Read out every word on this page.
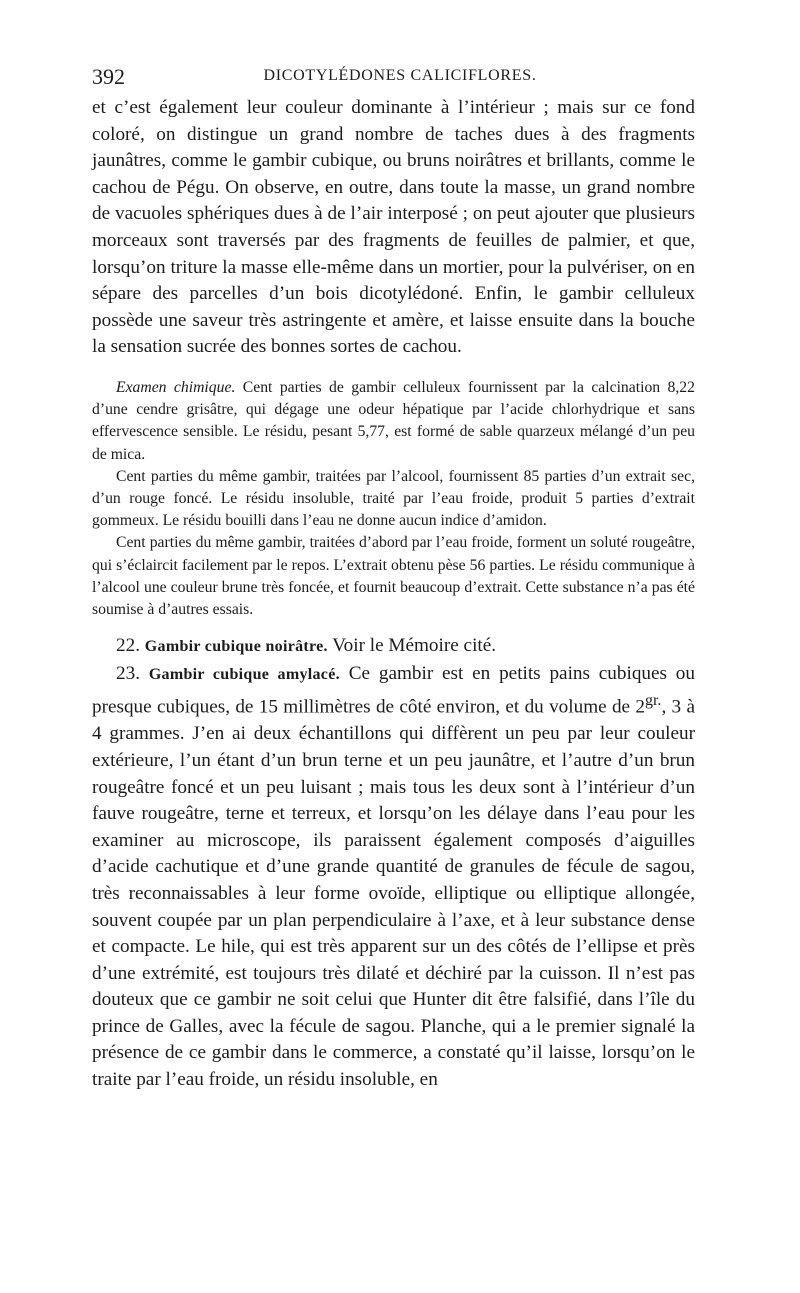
392	DICOTYLÉDONES CALICIFLORES.

et c’est également leur couleur dominante à l’intérieur ; mais sur ce fond coloré, on distingue un grand nombre de taches dues à des fragments jaunâtres, comme le gambir cubique, ou bruns noirâtres et brillants, comme le cachou de Pégu. On observe, en outre, dans toute la masse, un grand nombre de vacuoles sphériques dues à de l’air interposé ; on peut ajouter que plusieurs morceaux sont traversés par des fragments de feuilles de palmier, et que, lorsqu’on triture la masse elle-même dans un mortier, pour la pulvériser, on en sépare des parcelles d’un bois dicotylédoné. Enfin, le gambir celluleux possède une saveur très astringente et amère, et laisse ensuite dans la bouche la sensation sucrée des bonnes sortes de cachou.

Examen chimique. Cent parties de gambir celluleux fournissent par la calcination 8,22 d’une cendre grisâtre, qui dégage une odeur hépatique par l’acide chlorhydrique et sans effervescence sensible. Le résidu, pesant 5,77, est formé de sable quarzeux mélangé d’un peu de mica.

Cent parties du même gambir, traitées par l’alcool, fournissent 85 parties d’un extrait sec, d’un rouge foncé. Le résidu insoluble, traité par l’eau froide, produit 5 parties d’extrait gommeux. Le résidu bouilli dans l’eau ne donne aucun indice d’amidon.

Cent parties du même gambir, traitées d’abord par l’eau froide, forment un soluté rougeâtre, qui s’éclaircit facilement par le repos. L’extrait obtenu pèse 56 parties. Le résidu communique à l’alcool une couleur brune très foncée, et fournit beaucoup d’extrait. Cette substance n’a pas été soumise à d’autres essais.

22. Gambir cubique noirâtre. Voir le Mémoire cité.

23. Gambir cubique amylacé. Ce gambir est en petits pains cubiques ou presque cubiques, de 15 millimètres de côté environ, et du volume de $2^{gr.}$, 3 à 4 grammes. J’en ai deux échantillons qui diffèrent un peu par leur couleur extérieure, l’un étant d’un brun terne et un peu jaunâtre, et l’autre d’un brun rougeâtre foncé et un peu luisant ; mais tous les deux sont à l’intérieur d’un fauve rougeâtre, terne et terreux, et lorsqu’on les délaye dans l’eau pour les examiner au microscope, ils paraissent également composés d’aiguilles d’acide cachutique et d’une grande quantité de granules de fécule de sagou, très reconnaissables à leur forme ovoïde, elliptique ou elliptique allongée, souvent coupée par un plan perpendiculaire à l’axe, et à leur substance dense et compacte. Le hile, qui est très apparent sur un des côtés de l’ellipse et près d’une extrémité, est toujours très dilaté et déchiré par la cuisson. Il n’est pas douteux que ce gambir ne soit celui que Hunter dit être falsifié, dans l’île du prince de Galles, avec la fécule de sagou. Planche, qui a le premier signalé la présence de ce gambir dans le commerce, a constaté qu’il laisse, lorsqu’on le traite par l’eau froide, un résidu insoluble, en
